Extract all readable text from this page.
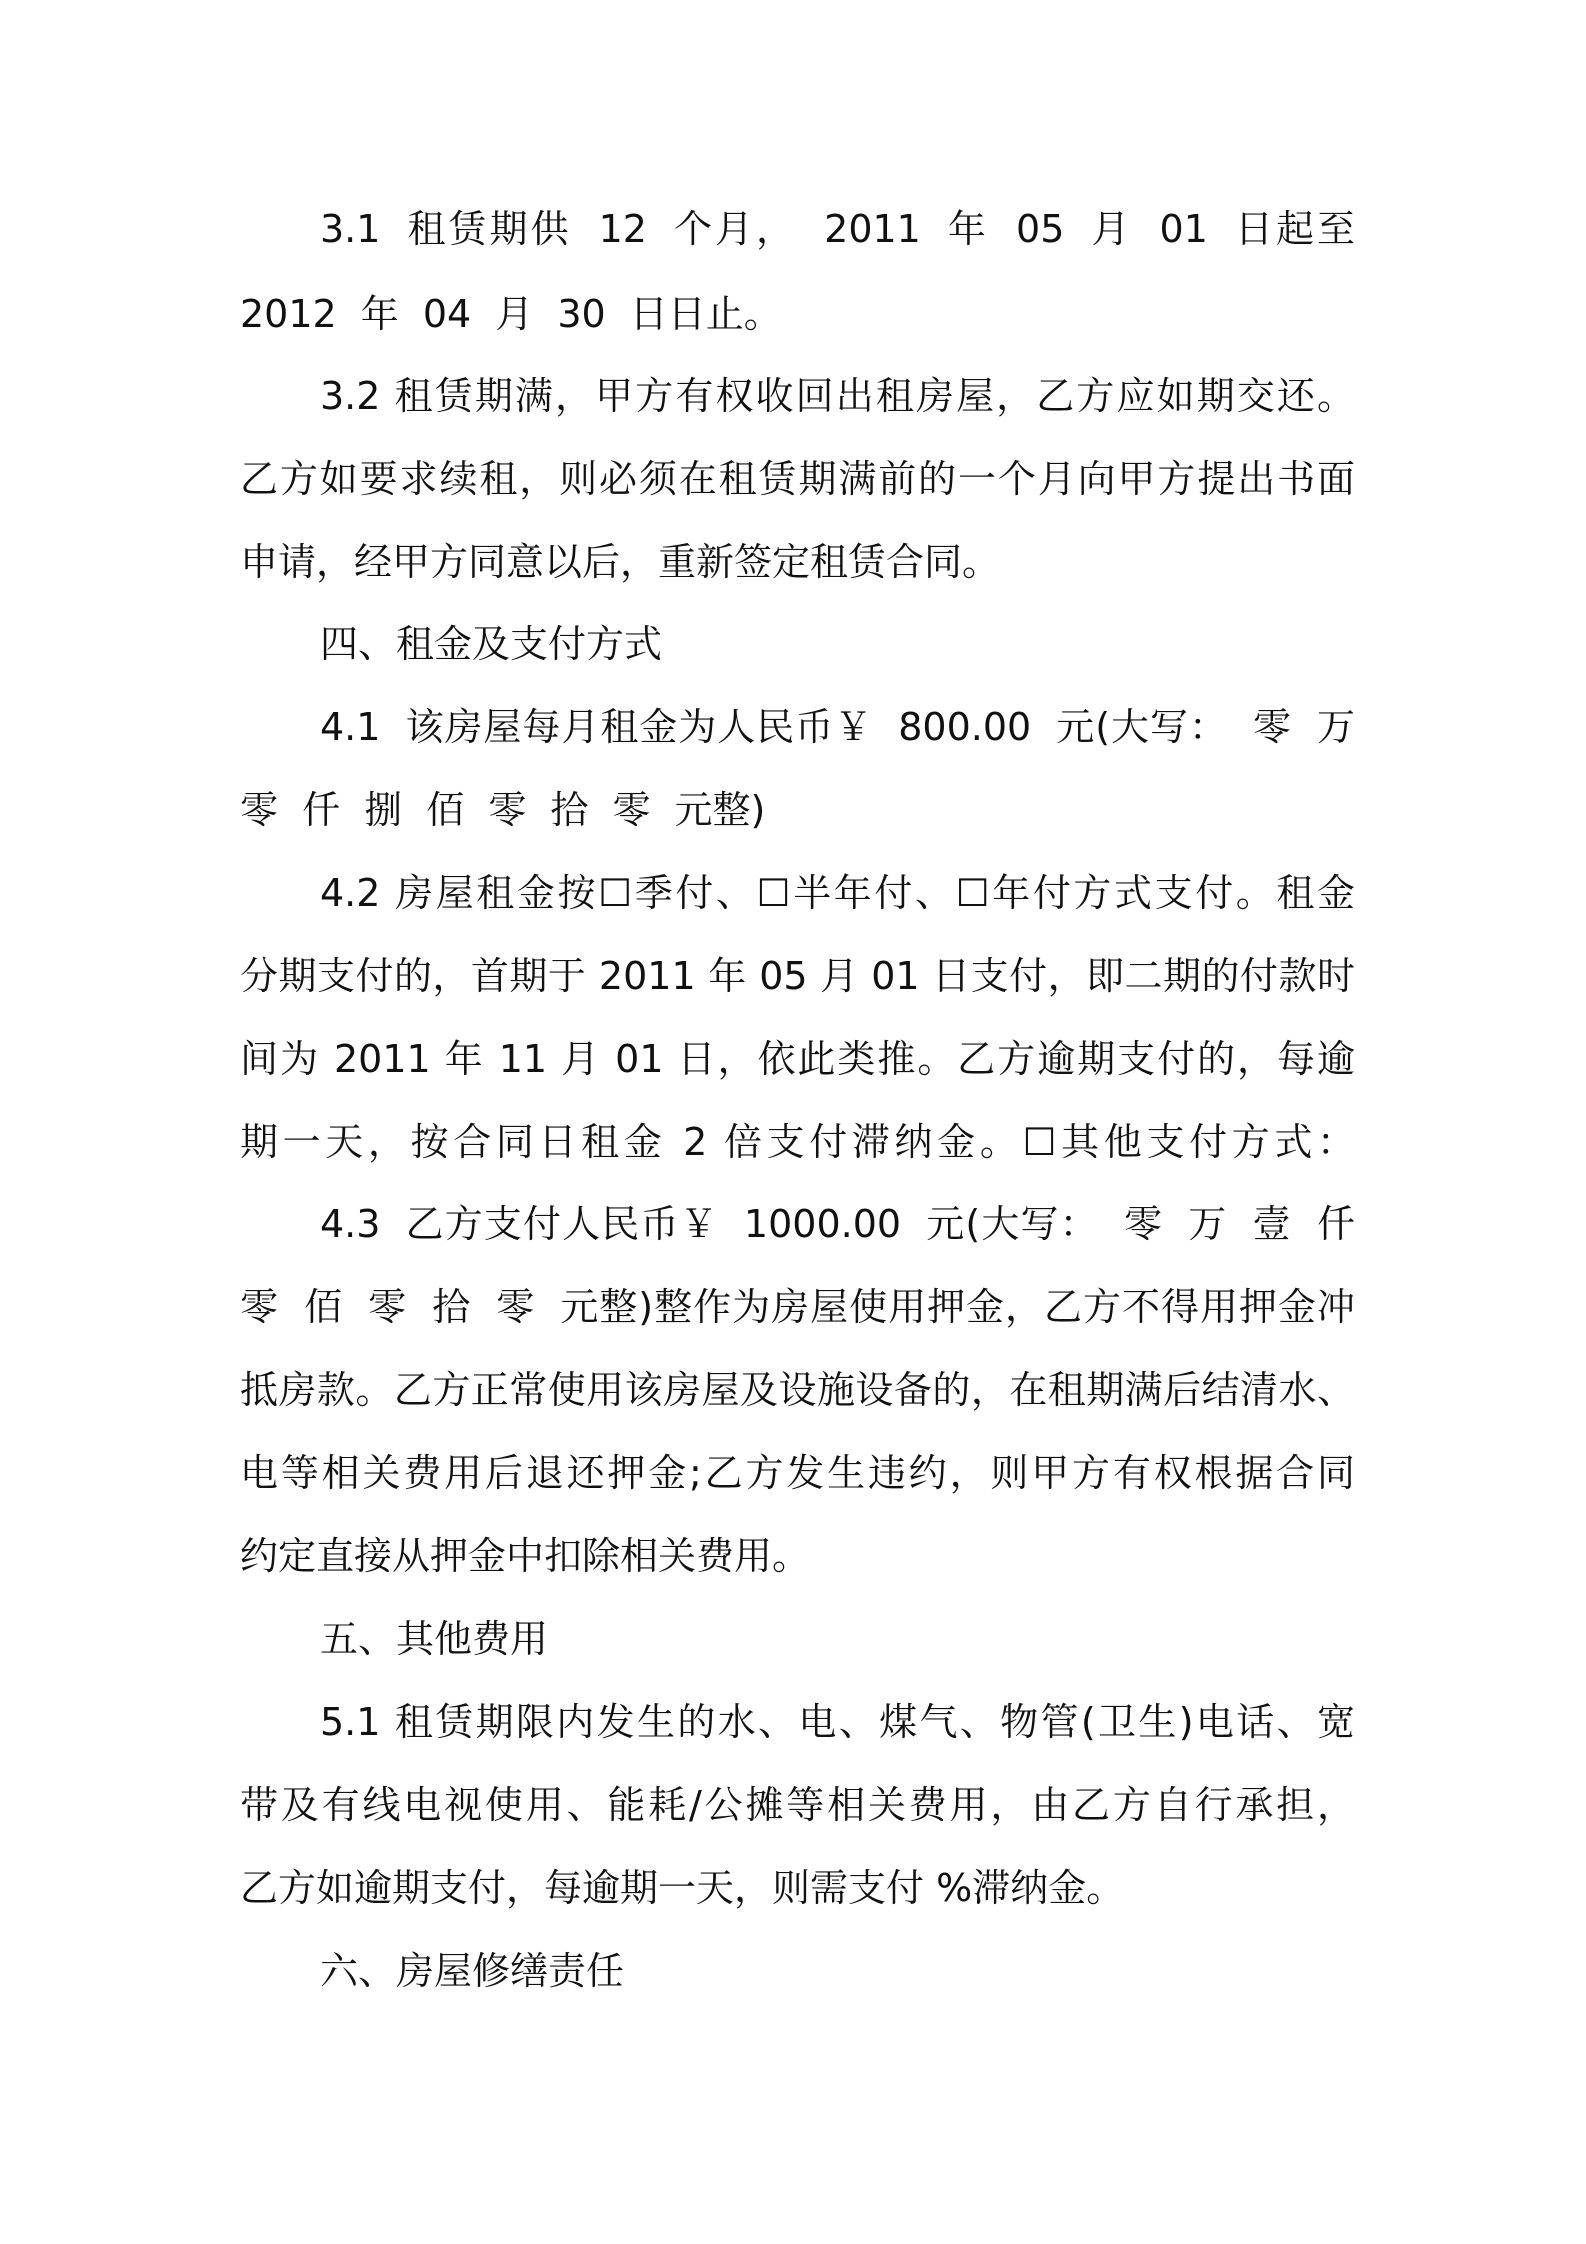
3.1 租赁期供 12 个月， 2011 年 05 月 01 日起至
2012 年 04 月 30 日日止。
3.2 租赁期满，甲方有权收回出租房屋，乙方应如期交还。
乙方如要求续租，则必须在租赁期满前的一个月向甲方提出书面
申请，经甲方同意以后，重新签定租赁合同。
四、租金及支付方式
4.1 该房屋每月租金为人民币￥ 800.00 元(大写： 零 万
零 仟 捌 佰 零 拾 零 元整)
4.2 房屋租金按☐季付、☐半年付、☐年付方式支付。租金
分期支付的，首期于 2011 年 05 月 01 日支付，即二期的付款时
间为 2011 年 11 月 01 日，依此类推。乙方逾期支付的，每逾
期一天，按合同日租金 2 倍支付滞纳金。☐其他支付方式：
4.3 乙方支付人民币￥ 1000.00 元(大写： 零 万 壹 仟
零 佰 零 拾 零 元整)整作为房屋使用押金，乙方不得用押金冲
抵房款。乙方正常使用该房屋及设施设备的，在租期满后结清水、
电等相关费用后退还押金;乙方发生违约，则甲方有权根据合同
约定直接从押金中扣除相关费用。
五、其他费用
5.1 租赁期限内发生的水、电、煤气、物管(卫生)电话、宽
带及有线电视使用、能耗/公摊等相关费用，由乙方自行承担，
乙方如逾期支付，每逾期一天，则需支付 %滞纳金。
六、房屋修缮责任
